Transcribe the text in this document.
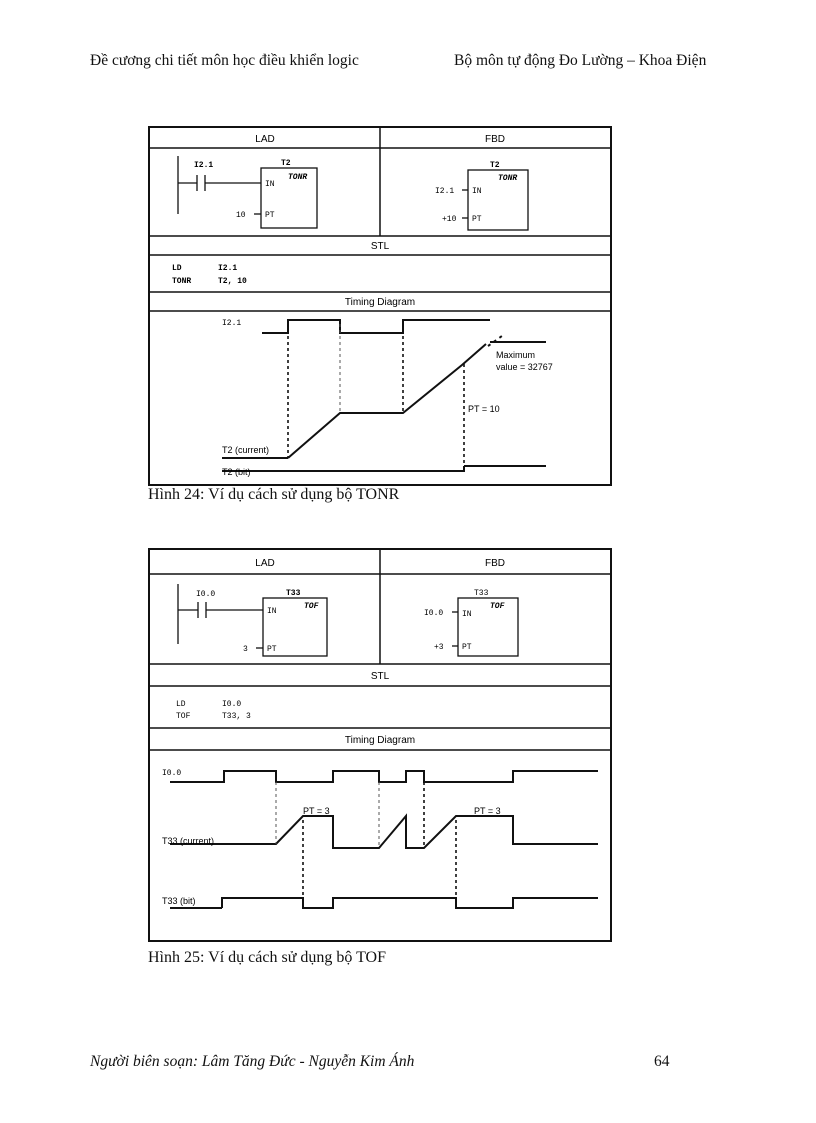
Đề cương chi tiết môn học điều khiển logic	Bộ môn tự động Đo Lường – Khoa Điện
LAD	FBD
STL
Timing Diagram
I2.1	T2
TONR
IN
PT
10
T2
TONR
I2.1 IN
+10 PT
LD	I2.1
TONR	T2, 10
Maximum
value = 32767
PT = 10
T2 (current)
T2 (bit)
I2.1
Hình 24: Ví dụ cách sử dụng bộ TONR
LAD	FBD
STL
Timing Diagram
I0.0	T33
TOF
IN
PT
3
T33
TOF
I0.0 IN
+3 PT
LD	I0.0
TOF	T33, 3
PT = 3	PT = 3
T33 (current)
T33 (bit)
I0.0
Hình 25: Ví dụ cách sử dụng bộ TOF
Người biên soạn: Lâm Tăng Đức - Nguyễn Kim Ánh	64
